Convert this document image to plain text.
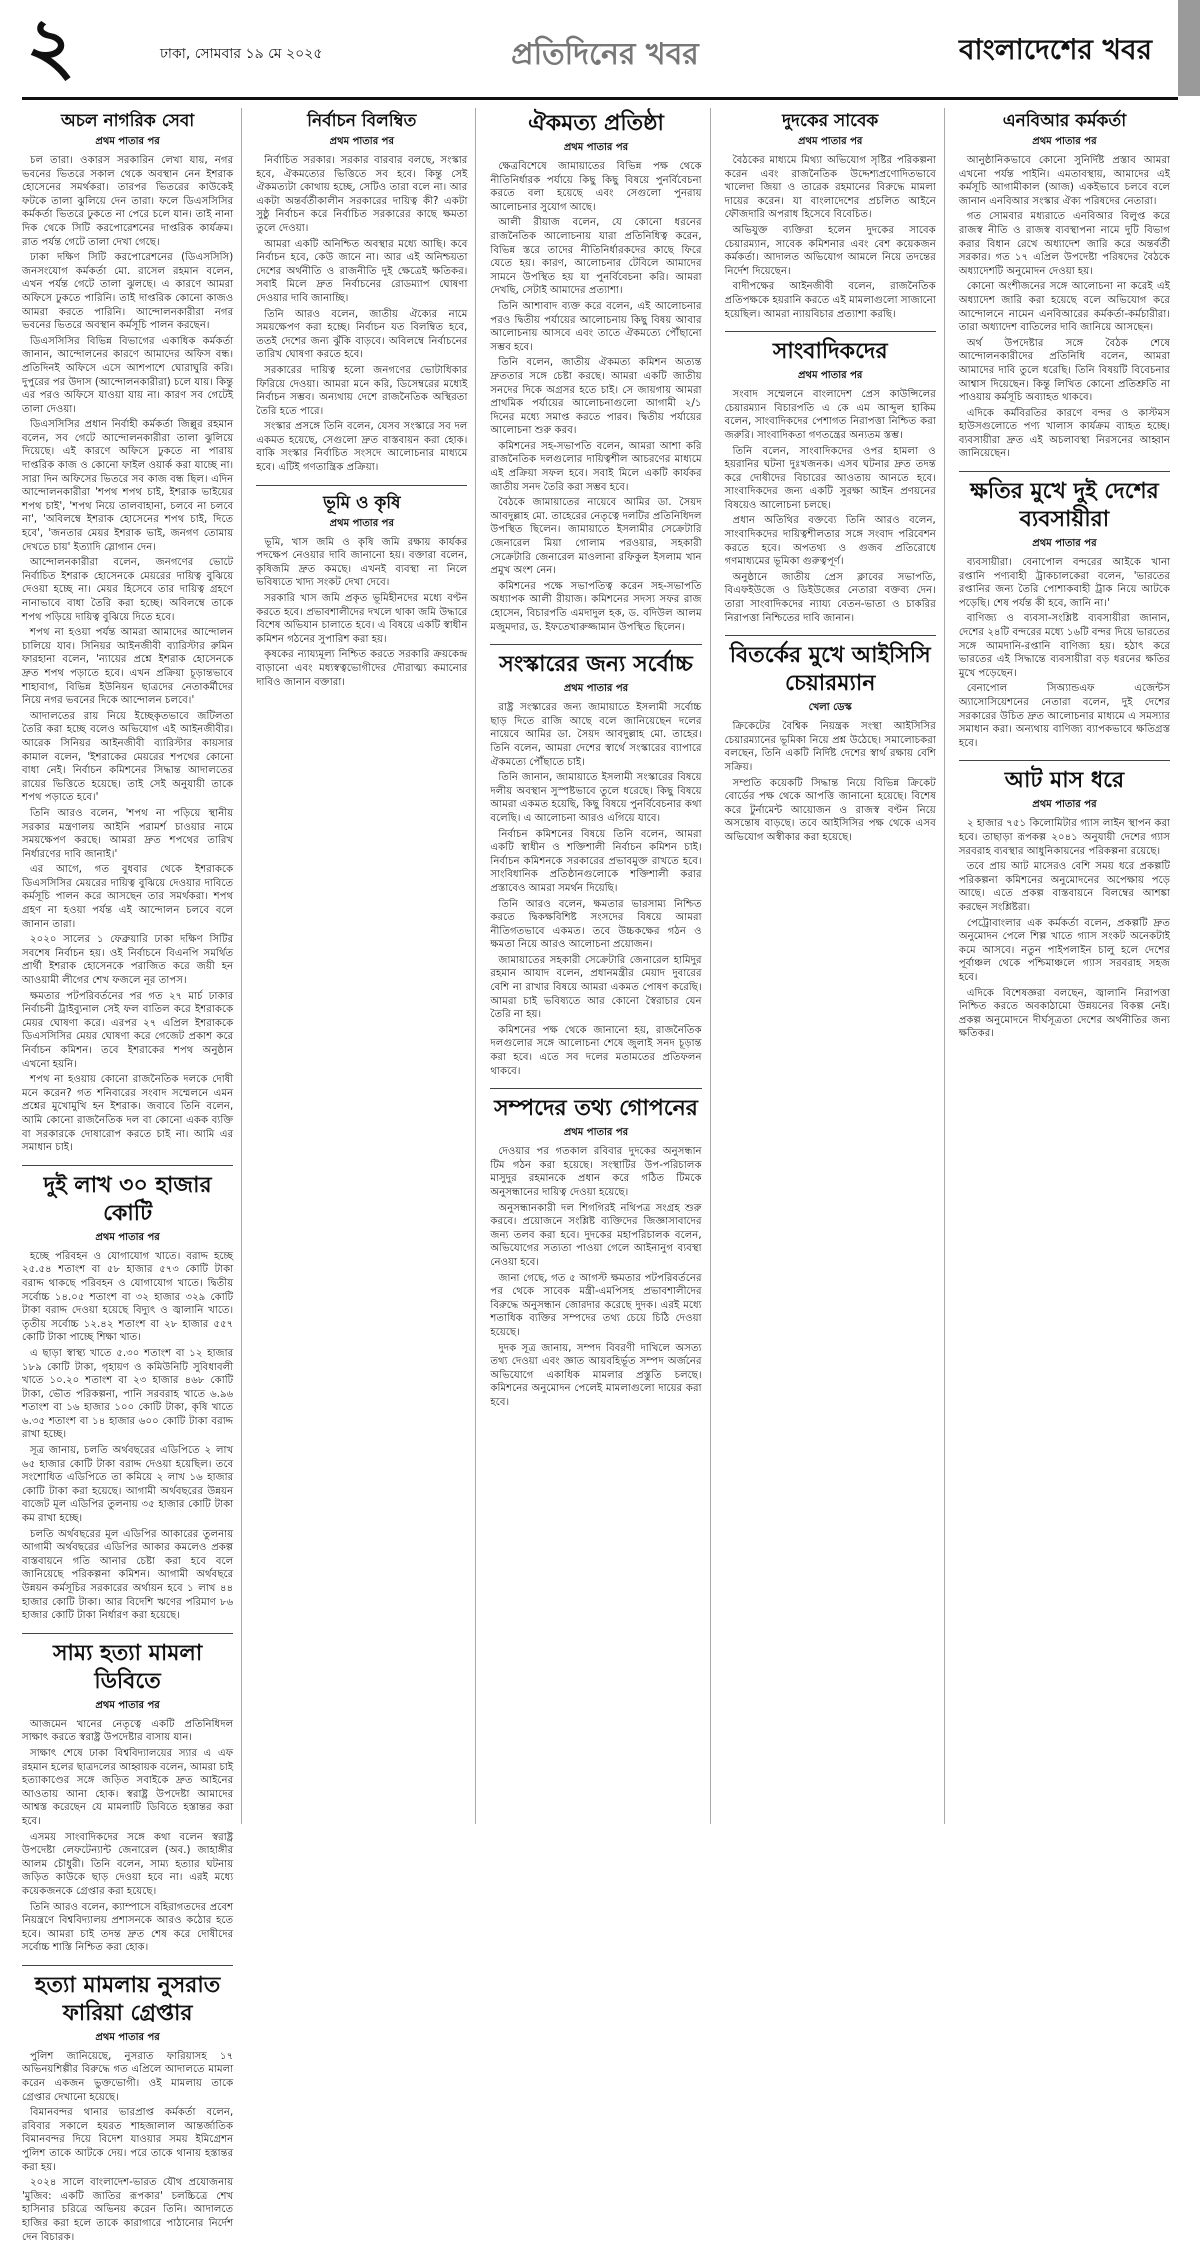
২	ঢাকা, সোমবার ১৯ মে ২০২৫	প্রতিদিনের খবর	বাংলাদেশের খবর
অচল নাগরিক সেবা
প্রথম পাতার পর

চল তারা। ওকারস সরকারিন লেখা যায়, নগর ভবনের ভিতরে সকাল থেকে অবস্থান নেন ইশরাক হোসেনের সমর্থকরা। তারপর ভিতরের কাউকেই ফটকে তালা ঝুলিয়ে দেন তারা। ফলে ডিএসসিসির কর্মকর্তা ভিতরে ঢুকতে না পেরে চলে যান। তাই নানা দিক থেকে সিটি করপোরেশনের দাপ্তরিক কার্যক্রম। রাত পর্যন্ত গেটে তালা দেখা গেছে।

ঢাকা দক্ষিণ সিটি করপোরেশনের (ডিএসসিসি) জনসংযোগ কর্মকর্তা মো. রাসেল রহমান বলেন, এখন পর্যন্ত গেটে তালা ঝুলছে। এ কারণে আমরা অফিসে ঢুকতে পারিনি। তাই দাপ্তরিক কোনো কাজও আমরা করতে পারিনি। আন্দোলনকারীরা নগর ভবনের ভিতরে অবস্থান কর্মসূচি পালন করছেন।

ডিএসসিসির বিভিন্ন বিভাগের একাধিক কর্মকর্তা জানান, আন্দোলনের কারণে আমাদের অফিস বন্ধ। প্রতিদিনই অফিসে এসে আশপাশে ঘোরাঘুরি করি। দুপুরের পর উদাস (আন্দোলনকারীরা) চলে যায়। কিন্তু এর পরও অফিসে যাওয়া যায় না। কারণ সব গেটেই তালা দেওয়া।

ডিএসসিসির প্রধান নির্বাহী কর্মকর্তা জিল্লুর রহমান বলেন, সব গেটে আন্দোলনকারীরা তালা ঝুলিয়ে দিয়েছে। এই কারণে অফিসে ঢুকতে না পারায় দাপ্তরিক কাজ ও কোনো ফাইল ওয়ার্ক করা যাচ্ছে না। সারা দিন অফিসের ভিতরে সব কাজ বন্ধ ছিল। এদিন আন্দোলনকারীরা 'শপথ শপথ চাই, ইশরাক ভাইয়ের শপথ চাই', 'শপথ নিয়ে তালবাহানা, চলবে না চলবে না', 'অবিলম্বে ইশরাক হোসেনের শপথ চাই, দিতে হবে', 'জনতার মেয়র ইশরাক ভাই, জনগণ তোমায় দেখতে চায়' ইত্যাদি স্লোগান দেন।

আন্দোলনকারীরা বলেন, জনগণের ভোটে নির্বাচিত ইশরাক হোসেনকে মেয়রের দায়িত্ব বুঝিয়ে দেওয়া হচ্ছে না। মেয়র হিসেবে তার দায়িত্ব গ্রহণে নানাভাবে বাধা তৈরি করা হচ্ছে। অবিলম্বে তাকে শপথ পড়িয়ে দায়িত্ব বুঝিয়ে দিতে হবে।

শপথ না হওয়া পর্যন্ত আমরা আমাদের আন্দোলন চালিয়ে যাব। সিনিয়র আইনজীবী ব্যারিস্টার রুমিন ফারহানা বলেন, 'ন্যায়ের প্রশ্নে ইশরাক হোসেনকে দ্রুত শপথ পড়াতে হবে। এখন প্রক্রিয়া চূড়ান্তভাবে শাহাবাগ, বিভিন্ন ইউনিয়ন ছাত্রদের নেতাকর্মীদের নিয়ে নগর ভবনের দিকে আন্দোলন চলবে।'

আদালতের রায় নিয়ে ইচ্ছেকৃতভাবে জটিলতা তৈরি করা হচ্ছে বলেও অভিযোগ এই আইনজীবীর। আরেক সিনিয়র আইনজীবী ব্যারিস্টার কায়সার কামাল বলেন, 'ইশরাকের মেয়রের শপথের কোনো বাধা নেই। নির্বাচন কমিশনের সিদ্ধান্ত আদালতের রায়ের ভিত্তিতে হয়েছে। তাই সেই অনুযায়ী তাকে শপথ পড়াতে হবে।'

তিনি আরও বলেন, 'শপথ না পড়িয়ে স্থানীয় সরকার মন্ত্রণালয় আইনি পরামর্শ চাওয়ার নামে সময়ক্ষেপণ করছে। আমরা দ্রুত শপথের তারিখ নির্ধারণের দাবি জানাই।'

এর আগে, গত বুধবার থেকে ইশরাককে ডিএসসিসির মেয়রের দায়িত্ব বুঝিয়ে দেওয়ার দাবিতে কর্মসূচি পালন করে আসছেন তার সমর্থকরা। শপথ গ্রহণ না হওয়া পর্যন্ত এই আন্দোলন চলবে বলে জানান তারা।

২০২০ সালের ১ ফেব্রুয়ারি ঢাকা দক্ষিণ সিটির সবশেষ নির্বাচন হয়। ওই নির্বাচনে বিএনপি সমর্থিত প্রার্থী ইশরাক হোসেনকে পরাজিত করে জয়ী হন আওয়ামী লীগের শেখ ফজলে নূর তাপস।

ক্ষমতার পটপরিবর্তনের পর গত ২৭ মার্চ ঢাকার নির্বাচনী ট্রাইব্যুনাল সেই ফল বাতিল করে ইশরাককে মেয়র ঘোষণা করে। এরপর ২৭ এপ্রিল ইশরাককে ডিএসসিসির মেয়র ঘোষণা করে গেজেট প্রকাশ করে নির্বাচন কমিশন। তবে ইশরাকের শপথ অনুষ্ঠান এখনো হয়নি।

শপথ না হওয়ায় কোনো রাজনৈতিক দলকে দোষী মনে করেন? গত শনিবারের সংবাদ সম্মেলনে এমন প্রশ্নের মুখোমুখি হন ইশরাক। জবাবে তিনি বলেন, আমি কোনো রাজনৈতিক দল বা কোনো একক ব্যক্তি বা সরকারকে দোষারোপ করতে চাই না। আমি এর সমাধান চাই।

দুই লাখ ৩০ হাজার কোটি
প্রথম পাতার পর

হচ্ছে পরিবহন ও যোগাযোগ খাতে। বরাদ্দ হচ্ছে ২৫.৫৪ শতাংশ বা ৫৮ হাজার ৫৭৩ কোটি টাকা বরাদ্দ থাকছে পরিবহন ও যোগাযোগ খাতে। দ্বিতীয় সর্বোচ্চ ১৪.০৫ শতাংশ বা ৩২ হাজার ৩২৯ কোটি টাকা বরাদ্দ দেওয়া হয়েছে বিদ্যুৎ ও জ্বালানি খাতে। তৃতীয় সর্বোচ্চ ১২.৪২ শতাংশ বা ২৮ হাজার ৫৫৭ কোটি টাকা পাচ্ছে শিক্ষা খাত।

এ ছাড়া স্বাস্থ্য খাতে ৫.৩০ শতাংশ বা ১২ হাজার ১৮৯ কোটি টাকা, গৃহায়ণ ও কমিউনিটি সুবিধাবলী খাতে ১০.২০ শতাংশ বা ২৩ হাজার ৪৬৮ কোটি টাকা, ভৌত পরিকল্পনা, পানি সরবরাহ খাতে ৬.৯৬ শতাংশ বা ১৬ হাজার ১০০ কোটি টাকা, কৃষি খাতে ৬.৩৫ শতাংশ বা ১৪ হাজার ৬০০ কোটি টাকা বরাদ্দ রাখা হচ্ছে।

সূত্র জানায়, চলতি অর্থবছরের এডিপিতে ২ লাখ ৬৫ হাজার কোটি টাকা বরাদ্দ দেওয়া হয়েছিল। তবে সংশোধিত এডিপিতে তা কমিয়ে ২ লাখ ১৬ হাজার কোটি টাকা করা হয়েছে। আগামী অর্থবছরের উন্নয়ন বাজেট মূল এডিপির তুলনায় ৩৫ হাজার কোটি টাকা কম রাখা হচ্ছে।

চলতি অর্থবছরের মূল এডিপির আকারের তুলনায় আগামী অর্থবছরের এডিপির আকার কমলেও প্রকল্প বাস্তবায়নে গতি আনার চেষ্টা করা হবে বলে জানিয়েছে পরিকল্পনা কমিশন। আগামী অর্থবছরে উন্নয়ন কর্মসূচির সরকারের অর্থায়ন হবে ১ লাখ ৪৪ হাজার কোটি টাকা। আর বিদেশি ঋণের পরিমাণ ৮৬ হাজার কোটি টাকা নির্ধারণ করা হয়েছে।

সাম্য হত্যা মামলা ডিবিতে
প্রথম পাতার পর

আজমেন খানের নেতৃত্বে একটি প্রতিনিধিদল সাক্ষাৎ করতে স্বরাষ্ট্র উপদেষ্টার বাসায় যান।

সাক্ষাৎ শেষে ঢাকা বিশ্ববিদ্যালয়ের স্যার এ এফ রহমান হলের ছাত্রদলের আহ্বায়ক বলেন, আমরা চাই হত্যাকাণ্ডের সঙ্গে জড়িত সবাইকে দ্রুত আইনের আওতায় আনা হোক। স্বরাষ্ট্র উপদেষ্টা আমাদের আশ্বস্ত করেছেন যে মামলাটি ডিবিতে হস্তান্তর করা হবে।

এসময় সাংবাদিকদের সঙ্গে কথা বলেন স্বরাষ্ট্র উপদেষ্টা লেফটেন্যান্ট জেনারেল (অব.) জাহাঙ্গীর আলম চৌধুরী। তিনি বলেন, সাম্য হত্যার ঘটনায় জড়িত কাউকে ছাড় দেওয়া হবে না। এরই মধ্যে কয়েকজনকে গ্রেপ্তার করা হয়েছে।

তিনি আরও বলেন, ক্যাম্পাসে বহিরাগতদের প্রবেশ নিয়ন্ত্রণে বিশ্ববিদ্যালয় প্রশাসনকে আরও কঠোর হতে হবে। আমরা চাই তদন্ত দ্রুত শেষ করে দোষীদের সর্বোচ্চ শাস্তি নিশ্চিত করা হোক।

হত্যা মামলায় নুসরাত ফারিয়া গ্রেপ্তার
প্রথম পাতার পর

পুলিশ জানিয়েছে, নুসরাত ফারিয়াসহ ১৭ অভিনয়শিল্পীর বিরুদ্ধে গত এপ্রিলে আদালতে মামলা করেন একজন ভুক্তভোগী। ওই মামলায় তাকে গ্রেপ্তার দেখানো হয়েছে।

বিমানবন্দর থানার ভারপ্রাপ্ত কর্মকর্তা বলেন, রবিবার সকালে হযরত শাহজালাল আন্তর্জাতিক বিমানবন্দর দিয়ে বিদেশ যাওয়ার সময় ইমিগ্রেশন পুলিশ তাকে আটকে দেয়। পরে তাকে থানায় হস্তান্তর করা হয়।

২০২৪ সালে বাংলাদেশ-ভারত যৌথ প্রযোজনায় 'মুজিব: একটি জাতির রূপকার' চলচ্চিত্রে শেখ হাসিনার চরিত্রে অভিনয় করেন তিনি। আদালতে হাজির করা হলে তাকে কারাগারে পাঠানোর নির্দেশ দেন বিচারক।

নির্বাচন বিলম্বিত
প্রথম পাতার পর

নির্বাচিত সরকার। সরকার বারবার বলছে, সংস্কার হবে, ঐকমত্যের ভিত্তিতে সব হবে। কিন্তু সেই ঐকমত্যটা কোথায় হচ্ছে, সেটিও তারা বলে না। আর একটা অন্তর্বর্তীকালীন সরকারের দায়িত্ব কী? একটা সুষ্ঠু নির্বাচন করে নির্বাচিত সরকারের কাছে ক্ষমতা তুলে দেওয়া।

আমরা একটি অনিশ্চিত অবস্থার মধ্যে আছি। কবে নির্বাচন হবে, কেউ জানে না। আর এই অনিশ্চয়তা দেশের অর্থনীতি ও রাজনীতি দুই ক্ষেত্রেই ক্ষতিকর। সবাই মিলে দ্রুত নির্বাচনের রোডম্যাপ ঘোষণা দেওয়ার দাবি জানাচ্ছি।

তিনি আরও বলেন, জাতীয় ঐক্যের নামে সময়ক্ষেপণ করা হচ্ছে। নির্বাচন যত বিলম্বিত হবে, ততই দেশের জন্য ঝুঁকি বাড়বে। অবিলম্বে নির্বাচনের তারিখ ঘোষণা করতে হবে।

সরকারের দায়িত্ব হলো জনগণের ভোটাধিকার ফিরিয়ে দেওয়া। আমরা মনে করি, ডিসেম্বরের মধ্যেই নির্বাচন সম্ভব। অন্যথায় দেশে রাজনৈতিক অস্থিরতা তৈরি হতে পারে।

সংস্কার প্রসঙ্গে তিনি বলেন, যেসব সংস্কারে সব দল একমত হয়েছে, সেগুলো দ্রুত বাস্তবায়ন করা হোক। বাকি সংস্কার নির্বাচিত সংসদে আলোচনার মাধ্যমে হবে। এটিই গণতান্ত্রিক প্রক্রিয়া।

ভূমি ও কৃষি
প্রথম পাতার পর

ভূমি, খাস জমি ও কৃষি জমি রক্ষায় কার্যকর পদক্ষেপ নেওয়ার দাবি জানানো হয়। বক্তারা বলেন, কৃষিজমি দ্রুত কমছে। এখনই ব্যবস্থা না নিলে ভবিষ্যতে খাদ্য সংকট দেখা দেবে।

সরকারি খাস জমি প্রকৃত ভূমিহীনদের মধ্যে বণ্টন করতে হবে। প্রভাবশালীদের দখলে থাকা জমি উদ্ধারে বিশেষ অভিযান চালাতে হবে। এ বিষয়ে একটি স্বাধীন কমিশন গঠনের সুপারিশ করা হয়।

কৃষকের ন্যায্যমূল্য নিশ্চিত করতে সরকারি ক্রয়কেন্দ্র বাড়ানো এবং মধ্যস্বত্বভোগীদের দৌরাত্ম্য কমানোর দাবিও জানান বক্তারা।

ঐকমত্য প্রতিষ্ঠা
প্রথম পাতার পর

ক্ষেত্রবিশেষে জামায়াতের বিভিন্ন পক্ষ থেকে নীতিনির্ধারক পর্যায়ে কিছু কিছু বিষয়ে পুনর্বিবেচনা করতে বলা হয়েছে এবং সেগুলো পুনরায় আলোচনার সুযোগ আছে।

আলী রীয়াজ বলেন, যে কোনো ধরনের রাজনৈতিক আলোচনায় যারা প্রতিনিধিত্ব করেন, বিভিন্ন স্তরে তাদের নীতিনির্ধারকদের কাছে ফিরে যেতে হয়। কারণ, আলোচনার টেবিলে আমাদের সামনে উপস্থিত হয় যা পুনর্বিবেচনা করি। আমরা দেখছি, সেটাই আমাদের প্রত্যাশা।

তিনি আশাবাদ ব্যক্ত করে বলেন, এই আলোচনার পরও দ্বিতীয় পর্যায়ের আলোচনায় কিছু বিষয় আবার আলোচনায় আসবে এবং তাতে ঐকমত্যে পৌঁছানো সম্ভব হবে।

তিনি বলেন, জাতীয় ঐকমত্য কমিশন অত্যন্ত দ্রুততার সঙ্গে চেষ্টা করছে। আমরা একটি জাতীয় সনদের দিকে অগ্রসর হতে চাই। সে জায়গায় আমরা প্রাথমিক পর্যায়ের আলোচনাগুলো আগামী ২/১ দিনের মধ্যে সমাপ্ত করতে পারব। দ্বিতীয় পর্যায়ের আলোচনা শুরু করব।

কমিশনের সহ-সভাপতি বলেন, আমরা আশা করি রাজনৈতিক দলগুলোর দায়িত্বশীল আচরণের মাধ্যমে এই প্রক্রিয়া সফল হবে। সবাই মিলে একটি কার্যকর জাতীয় সনদ তৈরি করা সম্ভব হবে।

বৈঠকে জামায়াতের নায়েবে আমির ডা. সৈয়দ আবদুল্লাহ মো. তাহেরের নেতৃত্বে দলটির প্রতিনিধিদল উপস্থিত ছিলেন। জামায়াতে ইসলামীর সেক্রেটারি জেনারেল মিয়া গোলাম পরওয়ার, সহকারী সেক্রেটারি জেনারেল মাওলানা রফিকুল ইসলাম খান প্রমুখ অংশ নেন।

কমিশনের পক্ষে সভাপতিত্ব করেন সহ-সভাপতি অধ্যাপক আলী রীয়াজ। কমিশনের সদস্য সফর রাজ হোসেন, বিচারপতি এমদাদুল হক, ড. বদিউল আলম মজুমদার, ড. ইফতেখারুজ্জামান উপস্থিত ছিলেন।

সংস্কারের জন্য সর্বোচ্চ
প্রথম পাতার পর

রাষ্ট্র সংস্কারের জন্য জামায়াতে ইসলামী সর্বোচ্চ ছাড় দিতে রাজি আছে বলে জানিয়েছেন দলের নায়েবে আমির ডা. সৈয়দ আবদুল্লাহ মো. তাহের। তিনি বলেন, আমরা দেশের স্বার্থে সংস্কারের ব্যাপারে ঐকমত্যে পৌঁছাতে চাই।

তিনি জানান, জামায়াতে ইসলামী সংস্কারের বিষয়ে দলীয় অবস্থান সুস্পষ্টভাবে তুলে ধরেছে। কিছু বিষয়ে আমরা একমত হয়েছি, কিছু বিষয়ে পুনর্বিবেচনার কথা বলেছি। এ আলোচনা আরও এগিয়ে যাবে।

নির্বাচন কমিশনের বিষয়ে তিনি বলেন, আমরা একটি স্বাধীন ও শক্তিশালী নির্বাচন কমিশন চাই। নির্বাচন কমিশনকে সরকারের প্রভাবমুক্ত রাখতে হবে। সাংবিধানিক প্রতিষ্ঠানগুলোকে শক্তিশালী করার প্রস্তাবেও আমরা সমর্থন দিয়েছি।

তিনি আরও বলেন, ক্ষমতার ভারসাম্য নিশ্চিত করতে দ্বিকক্ষবিশিষ্ট সংসদের বিষয়ে আমরা নীতিগতভাবে একমত। তবে উচ্চকক্ষের গঠন ও ক্ষমতা নিয়ে আরও আলোচনা প্রয়োজন।

জামায়াতের সহকারী সেক্রেটারি জেনারেল হামিদুর রহমান আযাদ বলেন, প্রধানমন্ত্রীর মেয়াদ দুবারের বেশি না রাখার বিষয়ে আমরা একমত পোষণ করেছি। আমরা চাই ভবিষ্যতে আর কোনো স্বৈরাচার যেন তৈরি না হয়।

কমিশনের পক্ষ থেকে জানানো হয়, রাজনৈতিক দলগুলোর সঙ্গে আলোচনা শেষে জুলাই সনদ চূড়ান্ত করা হবে। এতে সব দলের মতামতের প্রতিফলন থাকবে।

সম্পদের তথ্য গোপনের
প্রথম পাতার পর

দেওয়ার পর গতকাল রবিবার দুদকের অনুসন্ধান টিম গঠন করা হয়েছে। সংস্থাটির উপ-পরিচালক মাসুদুর রহমানকে প্রধান করে গঠিত টিমকে অনুসন্ধানের দায়িত্ব দেওয়া হয়েছে।

অনুসন্ধানকারী দল শিগগিরই নথিপত্র সংগ্রহ শুরু করবে। প্রয়োজনে সংশ্লিষ্ট ব্যক্তিদের জিজ্ঞাসাবাদের জন্য তলব করা হবে। দুদকের মহাপরিচালক বলেন, অভিযোগের সত্যতা পাওয়া গেলে আইনানুগ ব্যবস্থা নেওয়া হবে।

জানা গেছে, গত ৫ আগস্ট ক্ষমতার পটপরিবর্তনের পর থেকে সাবেক মন্ত্রী-এমপিসহ প্রভাবশালীদের বিরুদ্ধে অনুসন্ধান জোরদার করেছে দুদক। এরই মধ্যে শতাধিক ব্যক্তির সম্পদের তথ্য চেয়ে চিঠি দেওয়া হয়েছে।

দুদক সূত্র জানায়, সম্পদ বিবরণী দাখিলে অসত্য তথ্য দেওয়া এবং জ্ঞাত আয়বহির্ভূত সম্পদ অর্জনের অভিযোগে একাধিক মামলার প্রস্তুতি চলছে। কমিশনের অনুমোদন পেলেই মামলাগুলো দায়ের করা হবে।

দুদকের সাবেক
প্রথম পাতার পর

বৈঠকের মাধ্যমে মিথ্যা অভিযোগ সৃষ্টির পরিকল্পনা করেন এবং রাজনৈতিক উদ্দেশ্যপ্রণোদিতভাবে খালেদা জিয়া ও তারেক রহমানের বিরুদ্ধে মামলা দায়ের করেন। যা বাংলাদেশের প্রচলিত আইনে ফৌজদারি অপরাধ হিসেবে বিবেচিত।

অভিযুক্ত ব্যক্তিরা হলেন দুদকের সাবেক চেয়ারম্যান, সাবেক কমিশনার এবং বেশ কয়েকজন কর্মকর্তা। আদালত অভিযোগ আমলে নিয়ে তদন্তের নির্দেশ দিয়েছেন।

বাদীপক্ষের আইনজীবী বলেন, রাজনৈতিক প্রতিপক্ষকে হয়রানি করতে এই মামলাগুলো সাজানো হয়েছিল। আমরা ন্যায়বিচার প্রত্যাশা করছি।

সাংবাদিকদের
প্রথম পাতার পর

সংবাদ সম্মেলনে বাংলাদেশ প্রেস কাউন্সিলের চেয়ারম্যান বিচারপতি এ কে এম আব্দুল হাকিম বলেন, সাংবাদিকদের পেশাগত নিরাপত্তা নিশ্চিত করা জরুরি। সাংবাদিকতা গণতন্ত্রের অন্যতম স্তম্ভ।

তিনি বলেন, সাংবাদিকদের ওপর হামলা ও হয়রানির ঘটনা দুঃখজনক। এসব ঘটনার দ্রুত তদন্ত করে দোষীদের বিচারের আওতায় আনতে হবে। সাংবাদিকদের জন্য একটি সুরক্ষা আইন প্রণয়নের বিষয়েও আলোচনা চলছে।

প্রধান অতিথির বক্তব্যে তিনি আরও বলেন, সাংবাদিকদের দায়িত্বশীলতার সঙ্গে সংবাদ পরিবেশন করতে হবে। অপতথ্য ও গুজব প্রতিরোধে গণমাধ্যমের ভূমিকা গুরুত্বপূর্ণ।

অনুষ্ঠানে জাতীয় প্রেস ক্লাবের সভাপতি, বিএফইউজে ও ডিইউজের নেতারা বক্তব্য দেন। তারা সাংবাদিকদের ন্যায্য বেতন-ভাতা ও চাকরির নিরাপত্তা নিশ্চিতের দাবি জানান।

বিতর্কের মুখে আইসিসি চেয়ারম্যান
খেলা ডেস্ক

ক্রিকেটের বৈশ্বিক নিয়ন্ত্রক সংস্থা আইসিসির চেয়ারম্যানের ভূমিকা নিয়ে প্রশ্ন উঠেছে। সমালোচকরা বলছেন, তিনি একটি নির্দিষ্ট দেশের স্বার্থ রক্ষায় বেশি সক্রিয়।

সম্প্রতি কয়েকটি সিদ্ধান্ত নিয়ে বিভিন্ন ক্রিকেট বোর্ডের পক্ষ থেকে আপত্তি জানানো হয়েছে। বিশেষ করে টুর্নামেন্ট আয়োজন ও রাজস্ব বণ্টন নিয়ে অসন্তোষ বাড়ছে। তবে আইসিসির পক্ষ থেকে এসব অভিযোগ অস্বীকার করা হয়েছে।

এনবিআর কর্মকর্তা
প্রথম পাতার পর

আনুষ্ঠানিকভাবে কোনো সুনির্দিষ্ট প্রস্তাব আমরা এখনো পর্যন্ত পাইনি। এমতাবস্থায়, আমাদের এই কর্মসূচি আগামীকাল (আজ) একইভাবে চলবে বলে জানান এনবিআর সংস্কার ঐক্য পরিষদের নেতারা।

গত সোমবার মধ্যরাতে এনবিআর বিলুপ্ত করে রাজস্ব নীতি ও রাজস্ব ব্যবস্থাপনা নামে দুটি বিভাগ করার বিধান রেখে অধ্যাদেশ জারি করে অন্তর্বর্তী সরকার। গত ১৭ এপ্রিল উপদেষ্টা পরিষদের বৈঠকে অধ্যাদেশটি অনুমোদন দেওয়া হয়।

কোনো অংশীজনের সঙ্গে আলোচনা না করেই এই অধ্যাদেশ জারি করা হয়েছে বলে অভিযোগ করে আন্দোলনে নামেন এনবিআরের কর্মকর্তা-কর্মচারীরা। তারা অধ্যাদেশ বাতিলের দাবি জানিয়ে আসছেন।

অর্থ উপদেষ্টার সঙ্গে বৈঠক শেষে আন্দোলনকারীদের প্রতিনিধি বলেন, আমরা আমাদের দাবি তুলে ধরেছি। তিনি বিষয়টি বিবেচনার আশ্বাস দিয়েছেন। কিন্তু লিখিত কোনো প্রতিশ্রুতি না পাওয়ায় কর্মসূচি অব্যাহত থাকবে।

এদিকে কর্মবিরতির কারণে বন্দর ও কাস্টমস হাউসগুলোতে পণ্য খালাস কার্যক্রম ব্যাহত হচ্ছে। ব্যবসায়ীরা দ্রুত এই অচলাবস্থা নিরসনের আহ্বান জানিয়েছেন।

ক্ষতির মুখে দুই দেশের ব্যবসায়ীরা
প্রথম পাতার পর

ব্যবসায়ীরা। বেনাপোল বন্দরের আইকে খানা রপ্তানি পণ্যবাহী ট্রাকচালকেরা বলেন, 'ভারতের রপ্তানির জন্য তৈরি পোশাকবাহী ট্রাক নিয়ে আটকে পড়েছি। শেষ পর্যন্ত কী হবে, জানি না।'

বাণিজ্য ও ব্যবসা-সংশ্লিষ্ট ব্যবসায়ীরা জানান, দেশের ২৪টি বন্দরের মধ্যে ১৬টি বন্দর দিয়ে ভারতের সঙ্গে আমদানি-রপ্তানি বাণিজ্য হয়। হঠাৎ করে ভারতের এই সিদ্ধান্তে ব্যবসায়ীরা বড় ধরনের ক্ষতির মুখে পড়েছেন।

বেনাপোল সিঅ্যান্ডএফ এজেন্টস অ্যাসোসিয়েশনের নেতারা বলেন, দুই দেশের সরকারের উচিত দ্রুত আলোচনার মাধ্যমে এ সমস্যার সমাধান করা। অন্যথায় বাণিজ্য ব্যাপকভাবে ক্ষতিগ্রস্ত হবে।

আট মাস ধরে
প্রথম পাতার পর

২ হাজার ৭৫১ কিলোমিটার গ্যাস লাইন স্থাপন করা হবে। তাছাড়া রূপকল্প ২০৪১ অনুযায়ী দেশের গ্যাস সরবরাহ ব্যবস্থার আধুনিকায়নের পরিকল্পনা রয়েছে।

তবে প্রায় আট মাসেরও বেশি সময় ধরে প্রকল্পটি পরিকল্পনা কমিশনের অনুমোদনের অপেক্ষায় পড়ে আছে। এতে প্রকল্প বাস্তবায়নে বিলম্বের আশঙ্কা করছেন সংশ্লিষ্টরা।

পেট্রোবাংলার এক কর্মকর্তা বলেন, প্রকল্পটি দ্রুত অনুমোদন পেলে শিল্প খাতে গ্যাস সংকট অনেকটাই কমে আসবে। নতুন পাইপলাইন চালু হলে দেশের পূর্বাঞ্চল থেকে পশ্চিমাঞ্চলে গ্যাস সরবরাহ সহজ হবে।

এদিকে বিশেষজ্ঞরা বলছেন, জ্বালানি নিরাপত্তা নিশ্চিত করতে অবকাঠামো উন্নয়নের বিকল্প নেই। প্রকল্প অনুমোদনে দীর্ঘসূত্রতা দেশের অর্থনীতির জন্য ক্ষতিকর।
